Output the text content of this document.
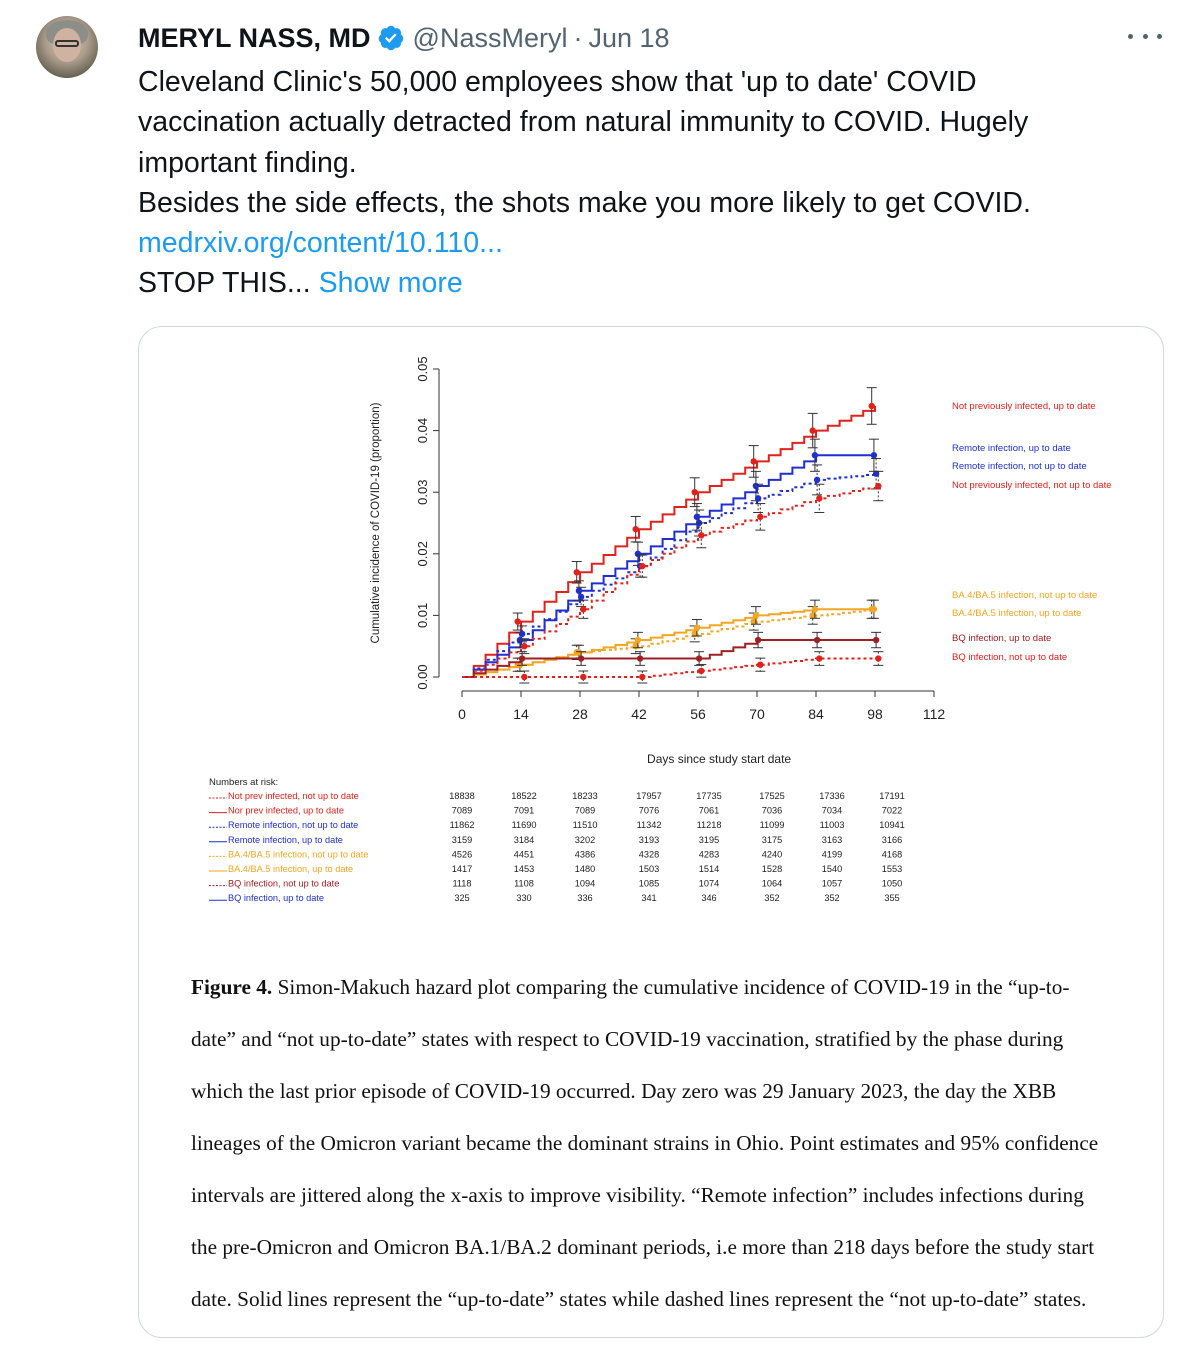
MERYL NASS, MD @NassMeryl · Jun 18
Cleveland Clinic's 50,000 employees show that 'up to date' COVID
vaccination actually detracted from natural immunity to COVID. Hugely
important finding.
Besides the side effects, the shots make you more likely to get COVID.
medrxiv.org/content/10.110...
STOP THIS... Show more
0.00
0.01
0.02
0.03
0.04
0.05
Cumulative incidence of COVID-19 (proportion)
0	14	28	42	56	70	84	98	112
Days since study start date
Not previously infected, up to date
Remote infection, up to date
Remote infection, not up to date
Not previously infected, not up to date
BA.4/BA.5 infection, not up to date
BA.4/BA.5 infection, up to date
BQ infection, up to date
BQ infection, not up to date
Numbers at risk:
Not prev infected, not up to date	18838	18522	18233	17957	17735	17525	17336	17191
Nor prev infected, up to date	7089	7091	7089	7076	7061	7036	7034	7022
Remote infection, not up to date	11862	11690	11510	11342	11218	11099	11003	10941
Remote infection, up to date	3159	3184	3202	3193	3195	3175	3163	3166
BA.4/BA.5 infection, not up to date	4526	4451	4386	4328	4283	4240	4199	4168
BA.4/BA.5 infection, up to date	1417	1453	1480	1503	1514	1528	1540	1553
BQ infection, not up to date	1118	1108	1094	1085	1074	1064	1057	1050
BQ infection, up to date	325	330	336	341	346	352	352	355
Figure 4. Simon-Makuch hazard plot comparing the cumulative incidence of COVID-19 in the “up-to-
date” and “not up-to-date” states with respect to COVID-19 vaccination, stratified by the phase during
which the last prior episode of COVID-19 occurred. Day zero was 29 January 2023, the day the XBB
lineages of the Omicron variant became the dominant strains in Ohio. Point estimates and 95% confidence
intervals are jittered along the x-axis to improve visibility. “Remote infection” includes infections during
the pre-Omicron and Omicron BA.1/BA.2 dominant periods, i.e more than 218 days before the study start
date. Solid lines represent the “up-to-date” states while dashed lines represent the “not up-to-date” states.
